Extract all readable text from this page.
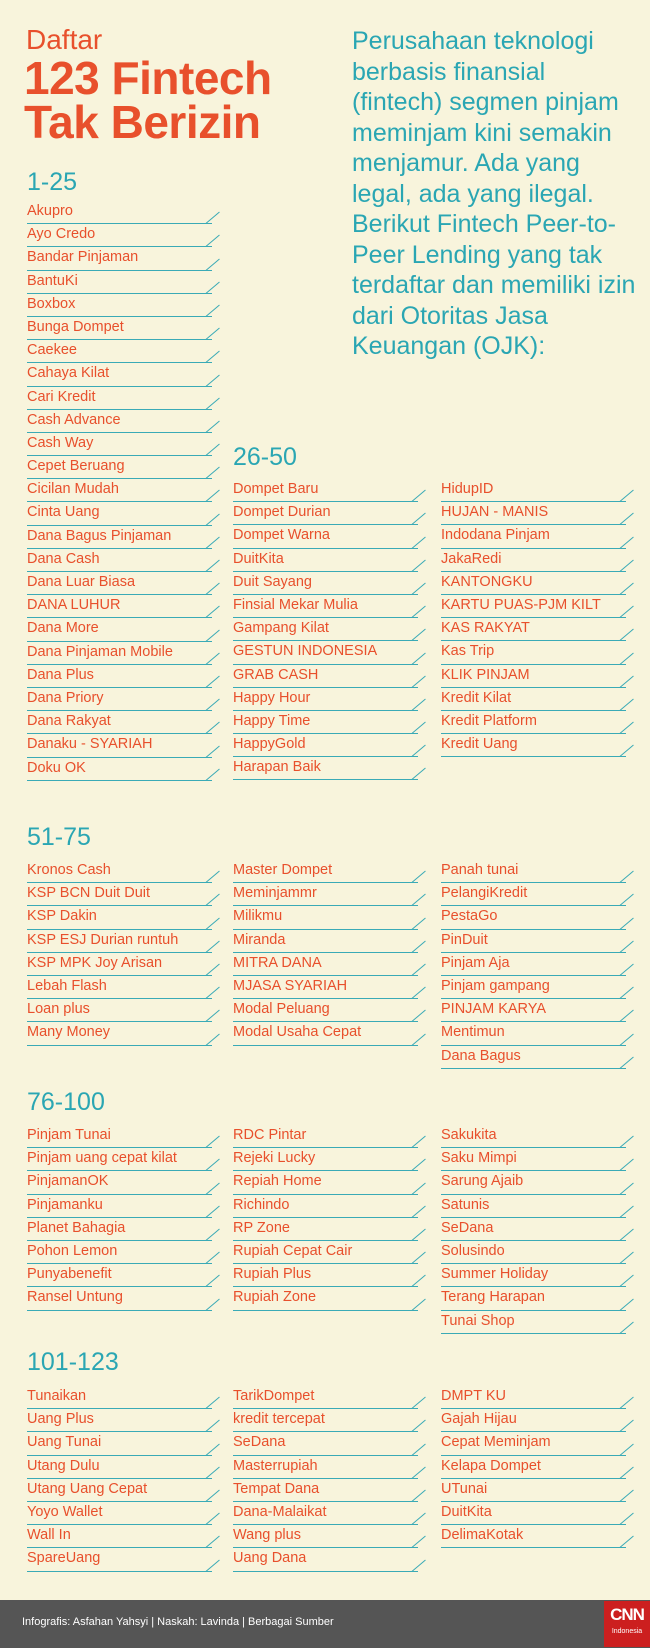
Daftar
123 Fintech
Tak Berizin

Perusahaan teknologi berbasis finansial (fintech) segmen pinjam meminjam kini semakin menjamur. Ada yang legal, ada yang ilegal. Berikut Fintech Peer-to-Peer Lending yang tak terdaftar dan memiliki izin dari Otoritas Jasa Keuangan (OJK):

1-25
Akupro
Ayo Credo
Bandar Pinjaman
BantuKi
Boxbox
Bunga Dompet
Caekee
Cahaya Kilat
Cari Kredit
Cash Advance
Cash Way
Cepet Beruang
Cicilan Mudah
Cinta Uang
Dana Bagus Pinjaman
Dana Cash
Dana Luar Biasa
DANA LUHUR
Dana More
Dana Pinjaman Mobile
Dana Plus
Dana Priory
Dana Rakyat
Danaku - SYARIAH
Doku OK
26-50
Dompet Baru
Dompet Durian
Dompet Warna
DuitKita
Duit Sayang
Finsial Mekar Mulia
Gampang Kilat
GESTUN INDONESIA
GRAB CASH
Happy Hour
Happy Time
HappyGold
Harapan Baik
HidupID
HUJAN - MANIS
Indodana Pinjam
JakaRedi
KANTONGKU
KARTU PUAS-PJM KILT
KAS RAKYAT
Kas Trip
KLIK PINJAM
Kredit Kilat
Kredit Platform
Kredit Uang
51-75
Kronos Cash
KSP BCN Duit Duit
KSP Dakin
KSP ESJ Durian runtuh
KSP MPK Joy Arisan
Lebah Flash
Loan plus
Many Money
Master Dompet
Meminjammr
Milikmu
Miranda
MITRA DANA
MJASA SYARIAH
Modal Peluang
Modal Usaha Cepat
Panah tunai
PelangiKredit
PestaGo
PinDuit
Pinjam Aja
Pinjam gampang
PINJAM KARYA
Mentimun
Dana Bagus
76-100
Pinjam Tunai
Pinjam uang cepat kilat
PinjamanOK
Pinjamanku
Planet Bahagia
Pohon Lemon
Punyabenefit
Ransel Untung
RDC Pintar
Rejeki Lucky
Repiah Home
Richindo
RP Zone
Rupiah Cepat Cair
Rupiah Plus
Rupiah Zone
Sakukita
Saku Mimpi
Sarung Ajaib
Satunis
SeDana
Solusindo
Summer Holiday
Terang Harapan
Tunai Shop
101-123
Tunaikan
Uang Plus
Uang Tunai
Utang Dulu
Utang Uang Cepat
Yoyo Wallet
Wall In
SpareUang
TarikDompet
kredit tercepat
SeDana
Masterrupiah
Tempat Dana
Dana-Malaikat
Wang plus
Uang Dana
DMPT KU
Gajah Hijau
Cepat Meminjam
Kelapa Dompet
UTunai
DuitKita
DelimaKotak
Infografis: Asfahan Yahsyi | Naskah: Lavinda | Berbagai Sumber	CNN
Indonesia
